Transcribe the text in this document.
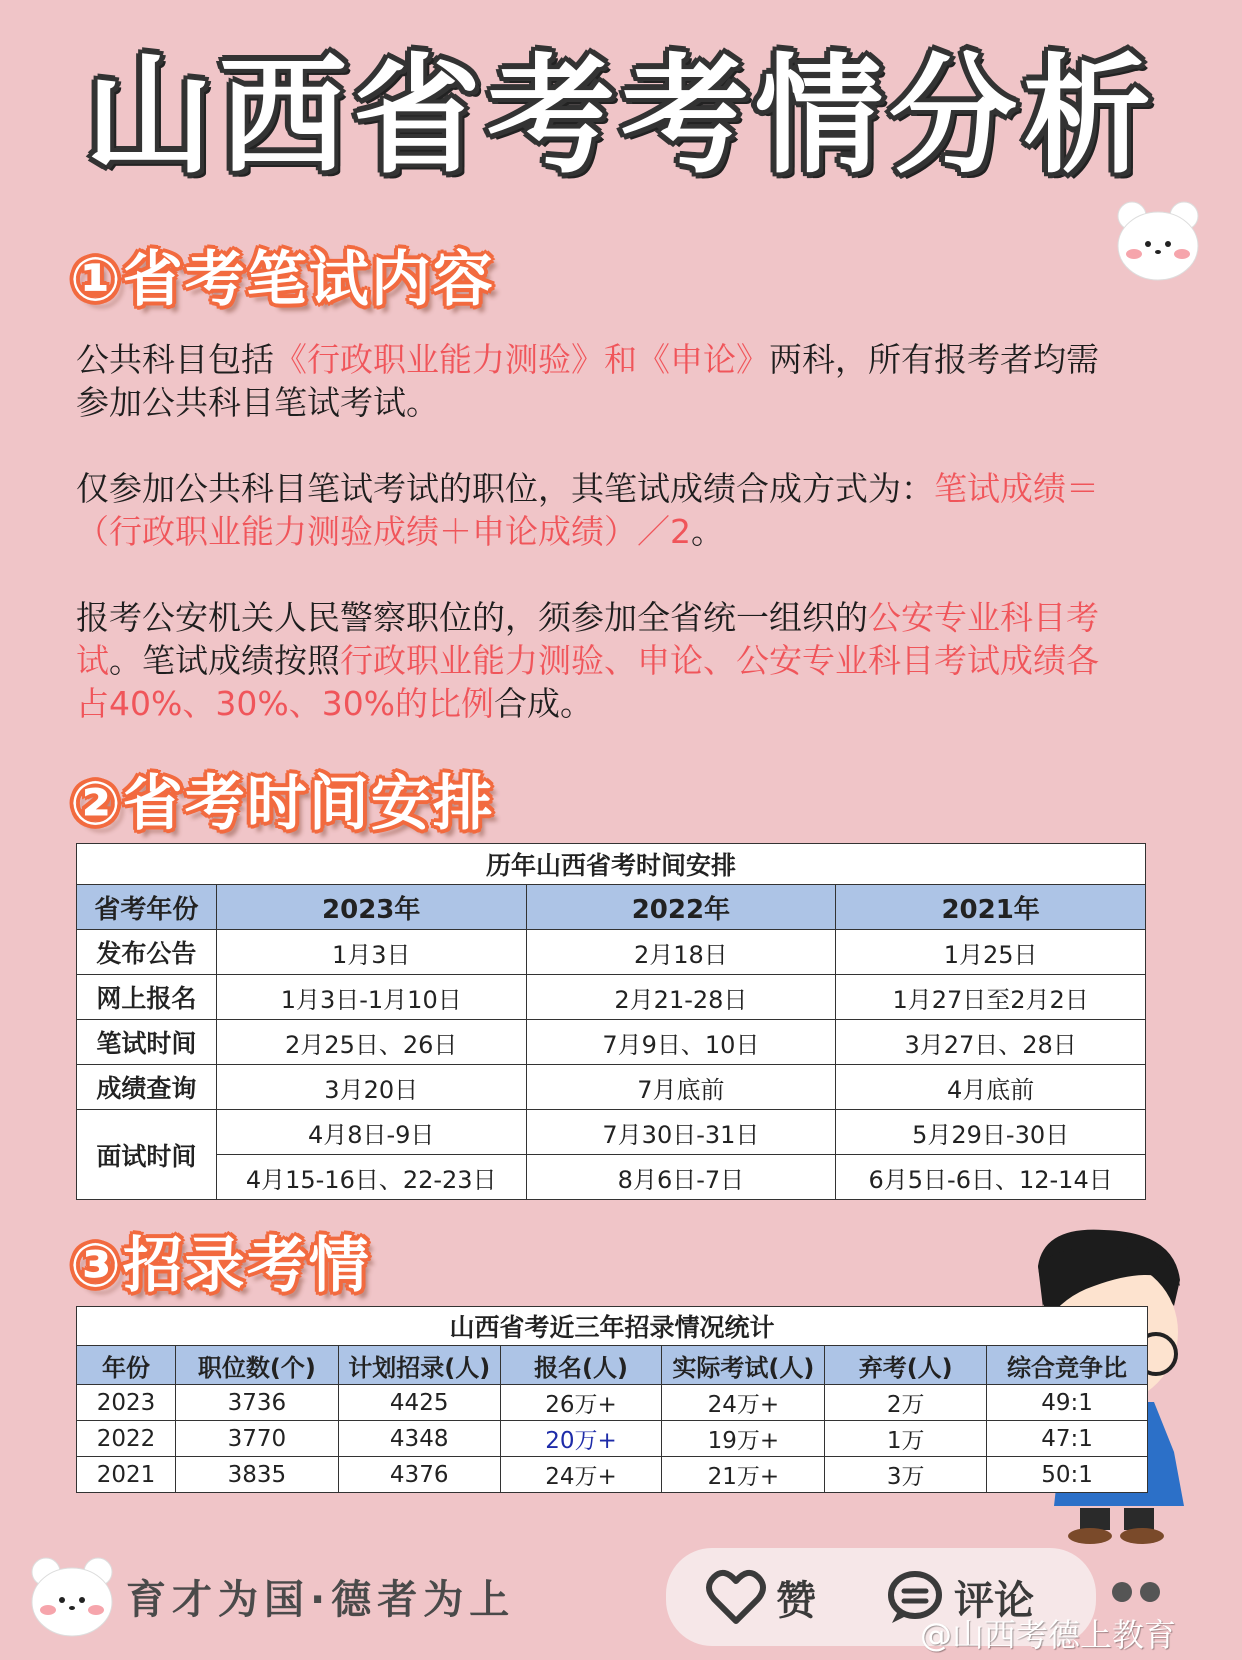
山西省考考情分析
①省考笔试内容
公共科目包括《行政职业能力测验》和《申论》两科，所有报考者均需参加公共科目笔试考试。
仅参加公共科目笔试考试的职位，其笔试成绩合成方式为：笔试成绩＝（行政职业能力测验成绩＋申论成绩）／2。
报考公安机关人民警察职位的，须参加全省统一组织的公安专业科目考试。笔试成绩按照行政职业能力测验、申论、公安专业科目考试成绩各占40%、30%、30%的比例合成。
②省考时间安排
历年山西省考时间安排			
省考年份	2023年	2022年	2021年
发布公告	1月3日	2月18日	1月25日
网上报名	1月3日-1月10日	2月21-28日	1月27日至2月2日
笔试时间	2月25日、26日	7月9日、10日	3月27日、28日
成绩查询	3月20日	7月底前	4月底前
面试时间	4月8日-9日	7月30日-31日	5月29日-30日
	4月15-16日、22-23日	8月6日-7日	6月5日-6日、12-14日
③招录考情
山西省考近三年招录情况统计						
年份	职位数(个)	计划招录(人)	报名(人)	实际考试(人)	弃考(人)	综合竞争比
2023	3736	4425	26万+	24万+	2万	49:1
2022	3770	4348	20万+	19万+	1万	47:1
2021	3835	4376	24万+	21万+	3万	50:1
育才为国·德者为上	赞	评论
@山西考德上教育
